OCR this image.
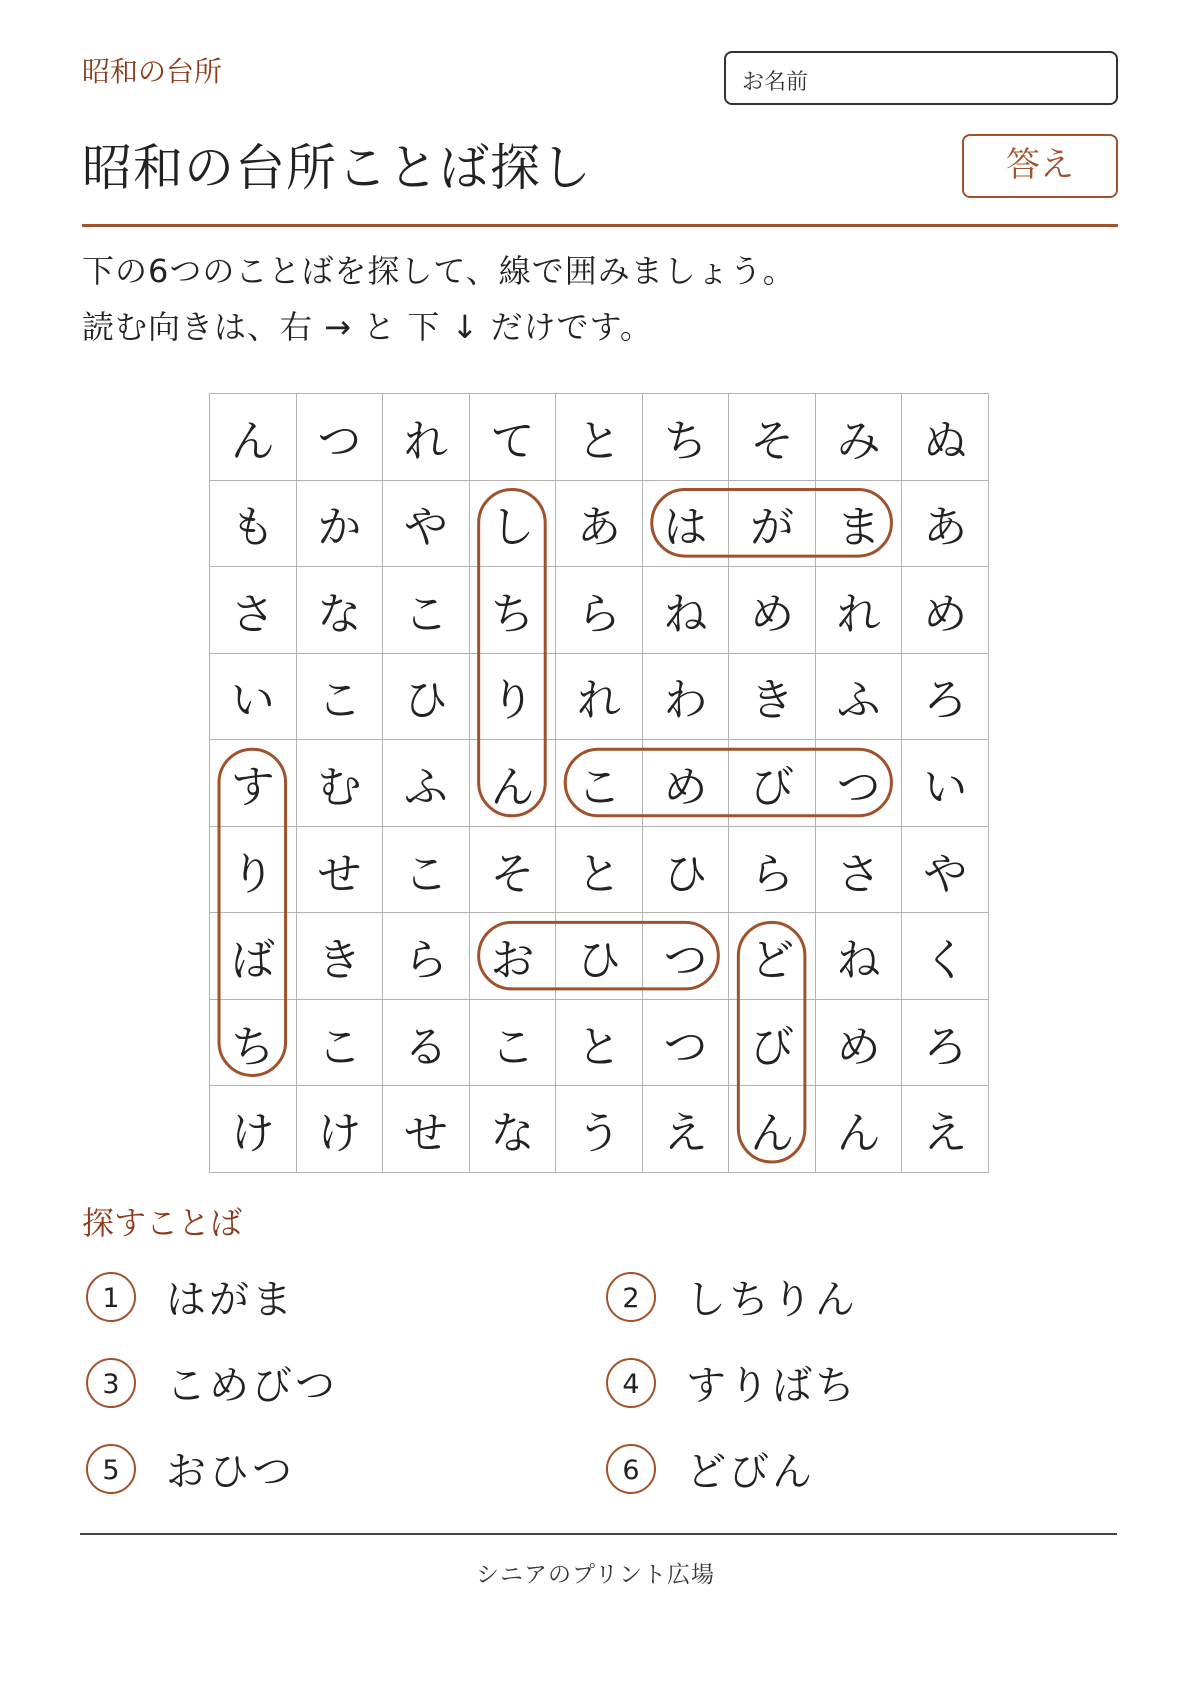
昭和の台所	お名前
昭和の台所ことば探し	答え
下の6つのことばを探して、線で囲みましょう。
読む向きは、右 → と 下 ↓ だけです。
ん つ れ て と ち そ み ぬ
も か や し あ は が ま あ
さ な こ ち ら ね め れ め
い こ ひ り れ わ き ふ ろ
す む ふ ん こ め び つ い
り せ こ そ と ひ ら さ や
ば き ら お ひ つ ど ね く
ち こ る こ と つ び め ろ
け け せ な う え ん ん え
探すことば
1	はがま	2	しちりん
3	こめびつ	4	すりばち
5	おひつ	6	どびん
シニアのプリント広場
